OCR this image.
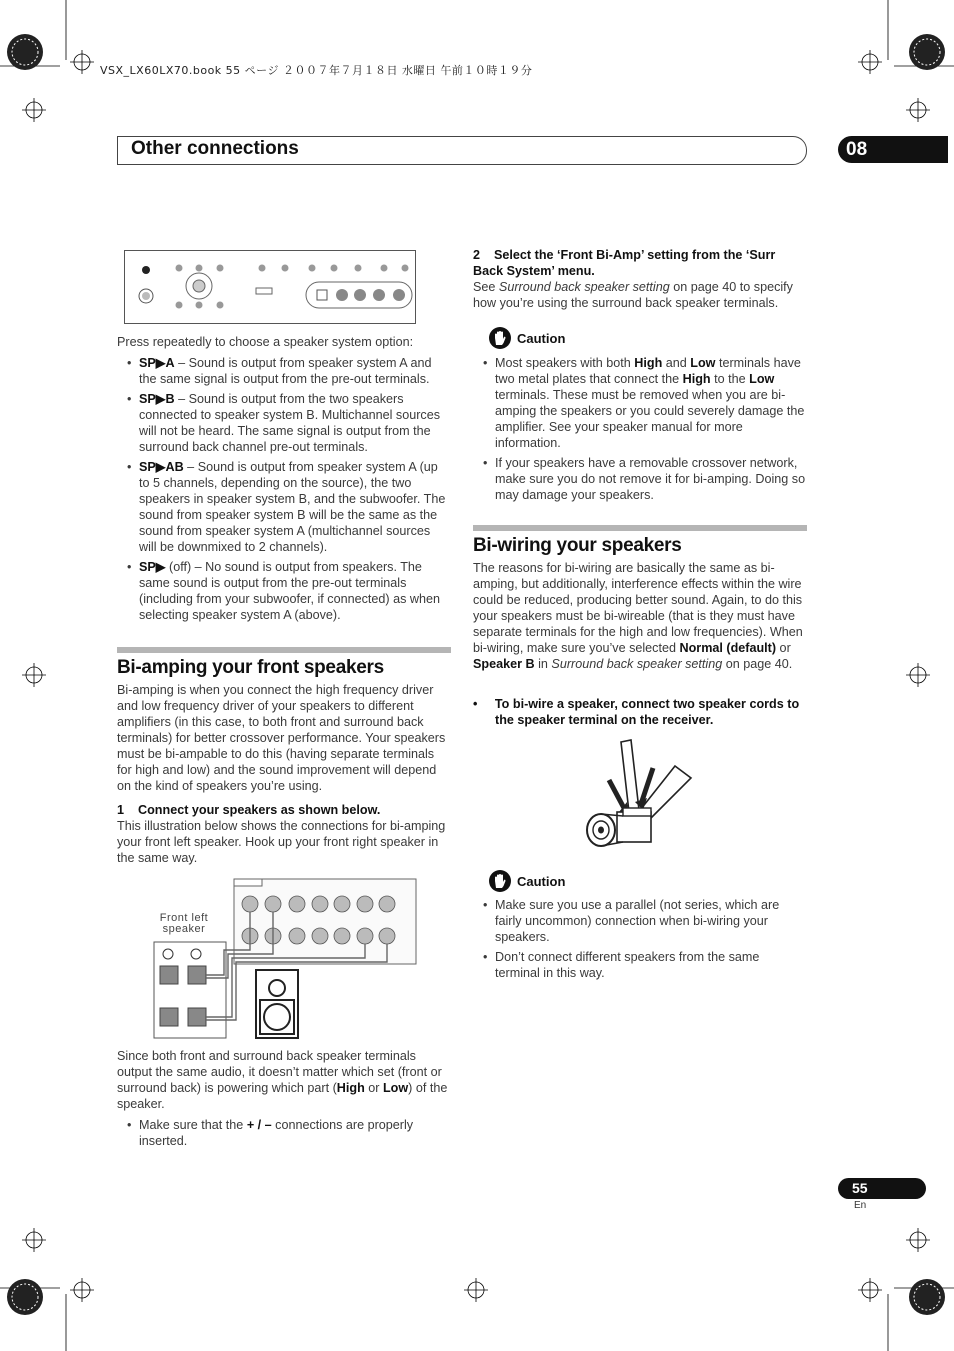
VSX_LX60LX70.book 55 ページ ２００７年７月１８日 水曜日 午前１０時１９分
Other connections	08
Press repeatedly to choose a speaker system option:
• SP▶A – Sound is output from speaker system A and the same signal is output from the pre-out terminals.
• SP▶B – Sound is output from the two speakers connected to speaker system B. Multichannel sources will not be heard. The same signal is output from the surround back channel pre-out terminals.
• SP▶AB – Sound is output from speaker system A (up to 5 channels, depending on the source), the two speakers in speaker system B, and the subwoofer. The sound from speaker system B will be the same as the sound from speaker system A (multichannel sources will be downmixed to 2 channels).
• SP▶ (off) – No sound is output from speakers. The same sound is output from the pre-out terminals (including from your subwoofer, if connected) as when selecting speaker system A (above).
Bi-amping your front speakers
Bi-amping is when you connect the high frequency driver and low frequency driver of your speakers to different amplifiers (in this case, to both front and surround back terminals) for better crossover performance. Your speakers must be bi-ampable to do this (having separate terminals for high and low) and the sound improvement will depend on the kind of speakers you’re using.
1 Connect your speakers as shown below.
This illustration below shows the connections for bi-amping your front left speaker. Hook up your front right speaker in the same way.
Front left
speaker
Since both front and surround back speaker terminals output the same audio, it doesn’t matter which set (front or surround back) is powering which part (High or Low) of the speaker.
• Make sure that the + / – connections are properly inserted.
2 Select the ‘Front Bi-Amp’ setting from the ‘Surr Back System’ menu.
See Surround back speaker setting on page 40 to specify how you’re using the surround back speaker terminals.
Caution
• Most speakers with both High and Low terminals have two metal plates that connect the High to the Low terminals. These must be removed when you are bi-amping the speakers or you could severely damage the amplifier. See your speaker manual for more information.
• If your speakers have a removable crossover network, make sure you do not remove it for bi-amping. Doing so may damage your speakers.
Bi-wiring your speakers
The reasons for bi-wiring are basically the same as bi-amping, but additionally, interference effects within the wire could be reduced, producing better sound. Again, to do this your speakers must be bi-wireable (that is they must have separate terminals for the high and low frequencies). When bi-wiring, make sure you’ve selected Normal (default) or Speaker B in Surround back speaker setting on page 40.
• To bi-wire a speaker, connect two speaker cords to the speaker terminal on the receiver.
Caution
• Make sure you use a parallel (not series, which are fairly uncommon) connection when bi-wiring your speakers.
• Don’t connect different speakers from the same terminal in this way.
55
En
